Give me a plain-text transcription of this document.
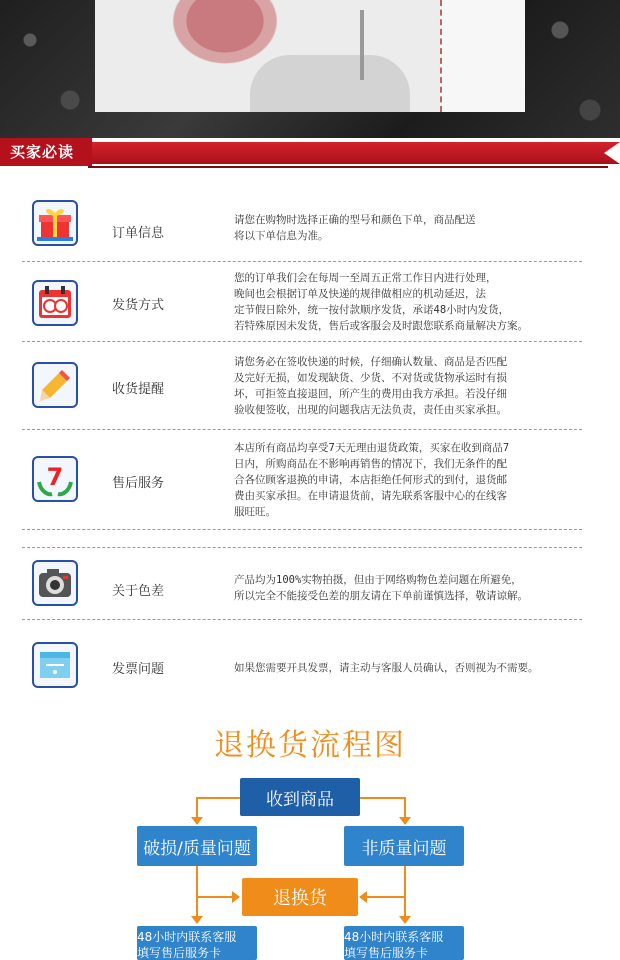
买家必读
订单信息
请您在购物时选择正确的型号和颜色下单，商品配送
将以下单信息为准。
发货方式
您的订单我们会在每周一至周五正常工作日内进行处理，
晚间也会根据订单及快递的规律做相应的机动延迟，法
定节假日除外，统一按付款顺序发货，承诺48小时内发货，
若特殊原因未发货，售后或客服会及时跟您联系商量解决方案。
收货提醒
请您务必在签收快递的时候，仔细确认数量、商品是否匹配
及完好无损，如发现缺货、少货、不对货或货物承运时有损
坏，可拒签直接退回，所产生的费用由我方承担。若没仔细
验收便签收，出现的问题我店无法负责，责任由买家承担。
7	售后服务
本店所有商品均享受7天无理由退货政策，买家在收到商品7
日内，所购商品在不影响再销售的情况下，我们无条件的配
合各位顾客退换的申请，本店拒绝任何形式的到付，退货邮
费由买家承担。在申请退货前，请先联系客服中心的在线客
服旺旺。
关于色差
产品均为100%实物拍摄，但由于网络购物色差问题在所避免，
所以完全不能接受色差的朋友请在下单前谨慎选择，敬请谅解。
发票问题	如果您需要开具发票，请主动与客服人员确认，否则视为不需要。
退换货流程图
收到商品
破损/质量问题	非质量问题
退换货
48小时内联系客服
填写售后服务卡
48小时内联系客服
填写售后服务卡
